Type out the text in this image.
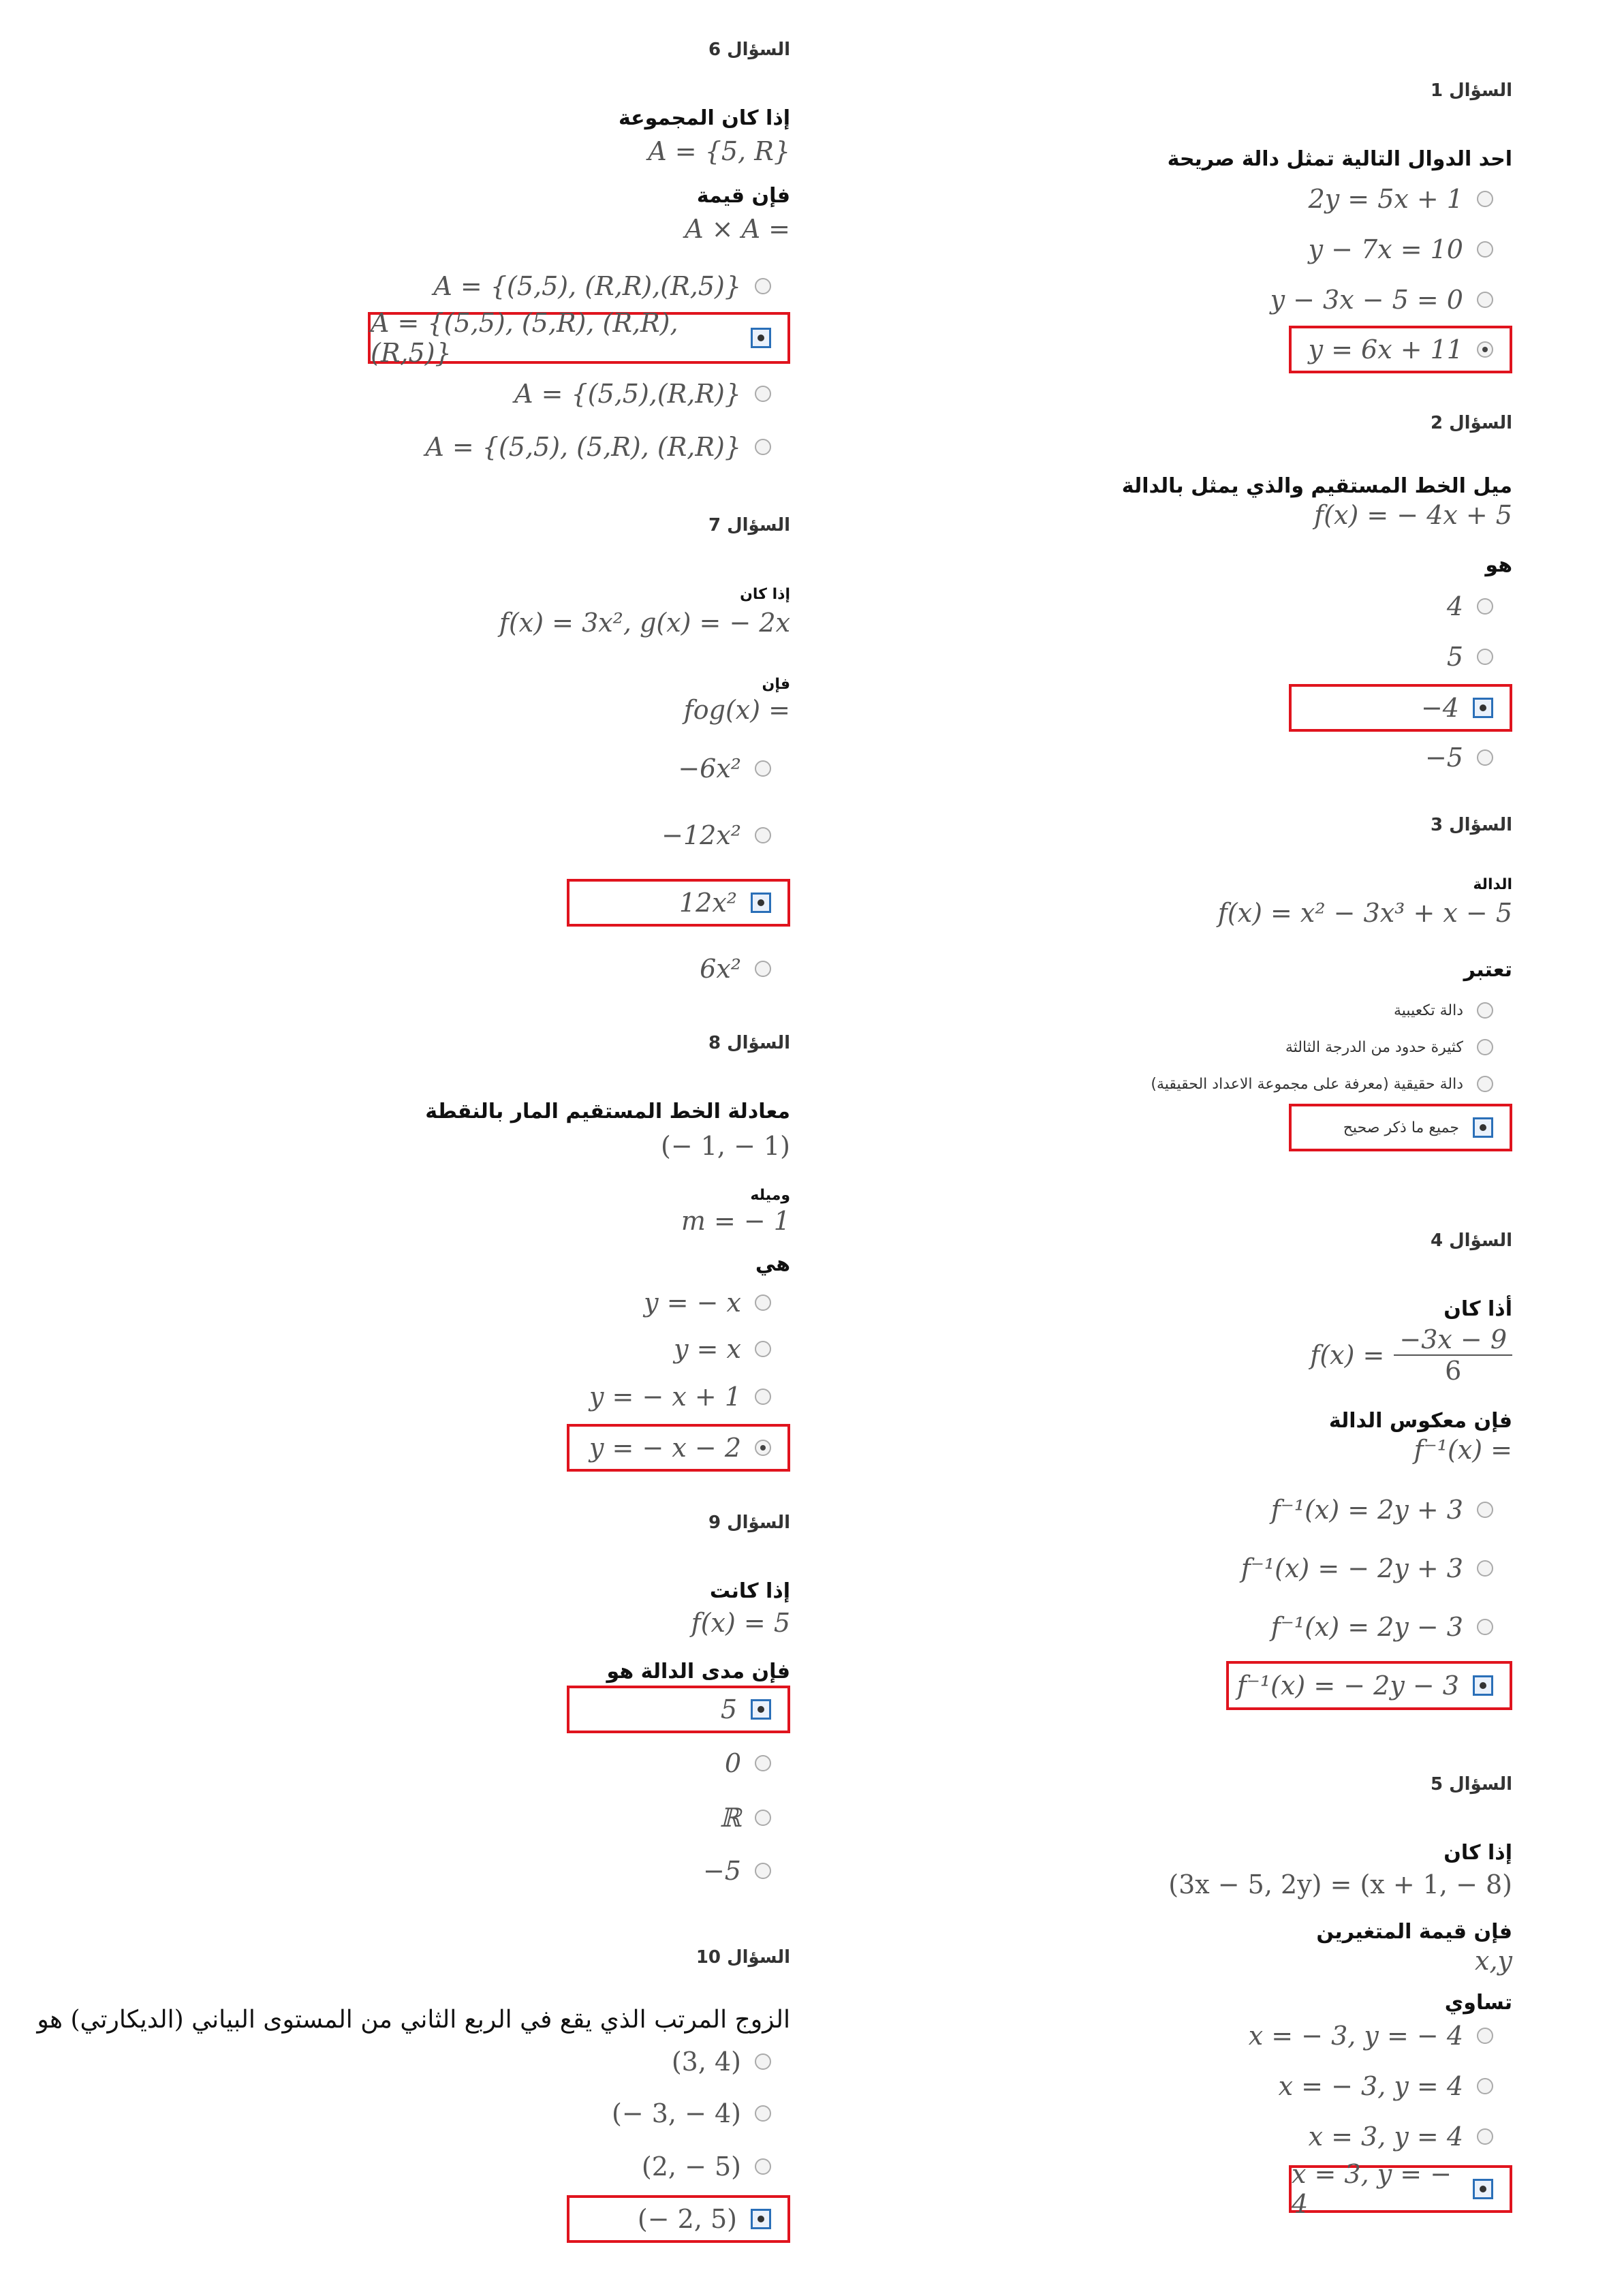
السؤال 1
احد الدوال التالية تمثل دالة صريحة
2y = 5x + 1
y − 7x = 10
y − 3x − 5 = 0
y = 6x + 11
السؤال 2
ميل الخط المستقيم والذي يمثل بالدالة
f(x) = − 4x + 5
هو
4
5
−4
−5
السؤال 3
الدالة
f(x) = x² − 3x³ + x − 5
تعتبر
دالة تكعيبية
كثيرة حدود من الدرجة الثالثة
دالة حقيقية (معرفة على مجموعة الاعداد الحقيقية)
جميع ما ذكر صحيح
السؤال 4
أذا كان
$f(x) = \frac{-3x - 9}{6}$
فإن معكوس الدالة
f⁻¹(x) =
f⁻¹(x) = 2y + 3
f⁻¹(x) = − 2y + 3
f⁻¹(x) = 2y − 3
f⁻¹(x) = − 2y − 3
السؤال 5
إذا كان
(3x − 5, 2y) = (x + 1, − 8)
فإن قيمة المتغيرين
x,y
تساوي
x = − 3, y = − 4
x = − 3, y = 4
x = 3, y = 4
x = 3, y = − 4
السؤال 6
إذا كان المجموعة
A = {5, R}
فإن قيمة
A × A =
A = {(5,5), (R,R),(R,5)}
A = {(5,5), (5,R), (R,R),(R,5)}
A = {(5,5),(R,R)}
A = {(5,5), (5,R), (R,R)}
السؤال 7
إذا كان
f(x) = 3x², g(x) = − 2x
فإن
fog(x) =
−6x²
−12x²
12x²
6x²
السؤال 8
معادلة الخط المستقيم المار بالنقطة
(− 1, − 1)
وميله
m = − 1
هي
y = − x
y = x
y = − x + 1
y = − x − 2
السؤال 9
إذا كانت
f(x) = 5
فإن مدى الدالة هو
5
0
ℝ
−5
السؤال 10
الزوج المرتب الذي يقع في الربع الثاني من المستوى البياني (الديكارتي) هو
(3, 4)
(− 3, − 4)
(2, − 5)
(− 2, 5)
